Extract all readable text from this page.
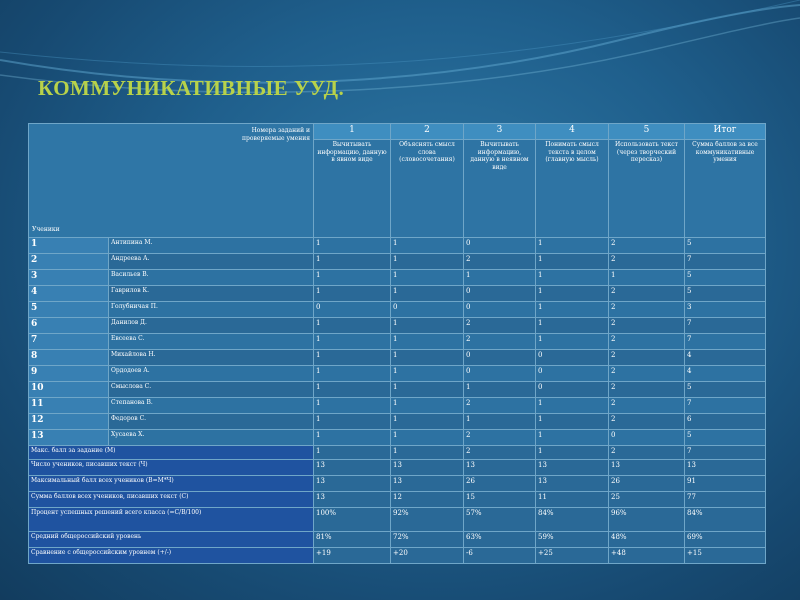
КОММУНИКАТИВНЫЕ УУД.
Номера заданий и проверяемые умения
Ученики		1	2	3	4	5	Итог
		Вычитывать информацию, данную в явном виде	Объяснять смысл слова (словосочетания)	Вычитывать информацию, данную в неявном виде	Понимать смысл текста в целом (главную мысль)	Использовать текст (через творческий пересказ)	Сумма баллов за все коммуникативные умения
1	Антипина М.	1	1	0	1	2	5
2	Андреева А.	1	1	2	1	2	7
3	Васильев В.	1	1	1	1	1	5
4	Гаврилов К.	1	1	0	1	2	5
5	Голубничая П.	0	0	0	1	2	3
6	Данилов Д.	1	1	2	1	2	7
7	Евсеева С.	1	1	2	1	2	7
8	Михайлова Н.	1	1	0	0	2	4
9	Ордодоев А.	1	1	0	0	2	4
10	Смыслова С.	1	1	1	0	2	5
11	Степанова В.	1	1	2	1	2	7
12	Федоров С.	1	1	1	1	2	6
13	Хусаева Х.	1	1	2	1	0	5
Макс. балл за задание (М)		1	1	2	1	2	7
Число учеников, писавших текст (Ч)		13	13	13	13	13	13
Максимальный балл всех учеников (В=М*Ч)		13	13	26	13	26	91
Сумма баллов всех учеников, писавших текст (С)		13	12	15	11	25	77
Процент успешных решений всего класса (=С/В/100)		100%	92%	57%	84%	96%	84%
Средний общероссийский уровень		81%	72%	63%	59%	48%	69%
Сравнение с общероссийским уровнем (+/-)		+19	+20	-6	+25	+48	+15
